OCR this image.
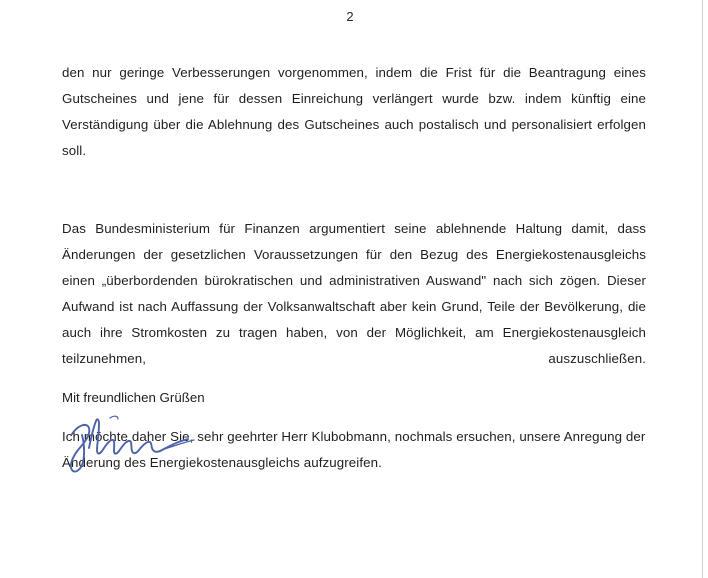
2

den nur geringe Verbesserungen vorgenommen, indem die Frist für die Beantragung eines Gutscheines und jene für dessen Einreichung verlängert wurde bzw. indem künftig eine Verständigung über die Ablehnung des Gutscheines auch postalisch und personalisiert erfolgen soll.

Das Bundesministerium für Finanzen argumentiert seine ablehnende Haltung damit, dass Änderungen der gesetzlichen Voraussetzungen für den Bezug des Energiekostenausgleichs einen „überbordenden bürokratischen und administrativen Auswand" nach sich zögen. Dieser Aufwand ist nach Auffassung der Volksanwaltschaft aber kein Grund, Teile der Bevölkerung, die auch ihre Stromkosten zu tragen haben, von der Möglichkeit, am Energiekostenausgleich teilzunehmen, auszuschließen.

Ich möchte daher Sie, sehr geehrter Herr Klubobmann, nochmals ersuchen, unsere Anregung der Änderung des Energiekostenausgleichs aufzugreifen.

Mit freundlichen Grüßen
